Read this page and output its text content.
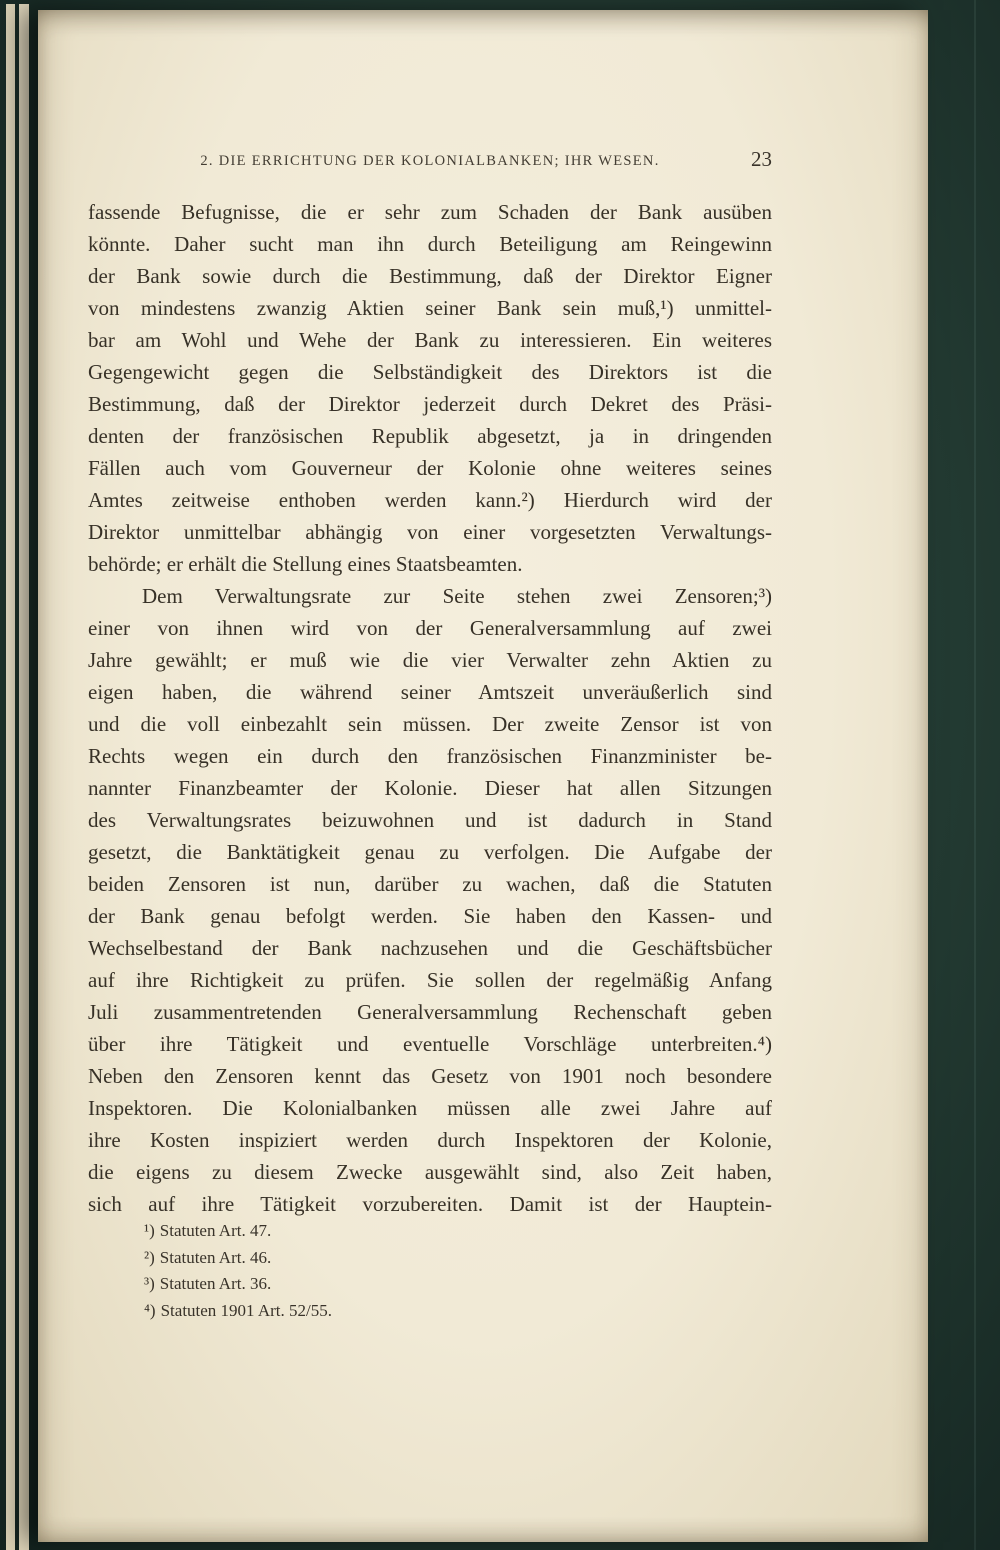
2. DIE ERRICHTUNG DER KOLONIALBANKEN; IHR WESEN.	23
fassende Befugnisse, die er sehr zum Schaden der Bank ausüben
könnte. Daher sucht man ihn durch Beteiligung am Reingewinn
der Bank sowie durch die Bestimmung, daß der Direktor Eigner
von mindestens zwanzig Aktien seiner Bank sein muß,¹) unmittel-
bar am Wohl und Wehe der Bank zu interessieren. Ein weiteres
Gegengewicht gegen die Selbständigkeit des Direktors ist die
Bestimmung, daß der Direktor jederzeit durch Dekret des Präsi-
denten der französischen Republik abgesetzt, ja in dringenden
Fällen auch vom Gouverneur der Kolonie ohne weiteres seines
Amtes zeitweise enthoben werden kann.²) Hierdurch wird der
Direktor unmittelbar abhängig von einer vorgesetzten Verwaltungs-
behörde; er erhält die Stellung eines Staatsbeamten.
Dem Verwaltungsrate zur Seite stehen zwei Zensoren;³)
einer von ihnen wird von der Generalversammlung auf zwei
Jahre gewählt; er muß wie die vier Verwalter zehn Aktien zu
eigen haben, die während seiner Amtszeit unveräußerlich sind
und die voll einbezahlt sein müssen. Der zweite Zensor ist von
Rechts wegen ein durch den französischen Finanzminister be-
nannter Finanzbeamter der Kolonie. Dieser hat allen Sitzungen
des Verwaltungsrates beizuwohnen und ist dadurch in Stand
gesetzt, die Banktätigkeit genau zu verfolgen. Die Aufgabe der
beiden Zensoren ist nun, darüber zu wachen, daß die Statuten
der Bank genau befolgt werden. Sie haben den Kassen- und
Wechselbestand der Bank nachzusehen und die Geschäftsbücher
auf ihre Richtigkeit zu prüfen. Sie sollen der regelmäßig Anfang
Juli zusammentretenden Generalversammlung Rechenschaft geben
über ihre Tätigkeit und eventuelle Vorschläge unterbreiten.⁴)
Neben den Zensoren kennt das Gesetz von 1901 noch besondere
Inspektoren. Die Kolonialbanken müssen alle zwei Jahre auf
ihre Kosten inspiziert werden durch Inspektoren der Kolonie,
die eigens zu diesem Zwecke ausgewählt sind, also Zeit haben,
sich auf ihre Tätigkeit vorzubereiten. Damit ist der Hauptein-
¹) Statuten Art. 47.
²) Statuten Art. 46.
³) Statuten Art. 36.
⁴) Statuten 1901 Art. 52/55.
